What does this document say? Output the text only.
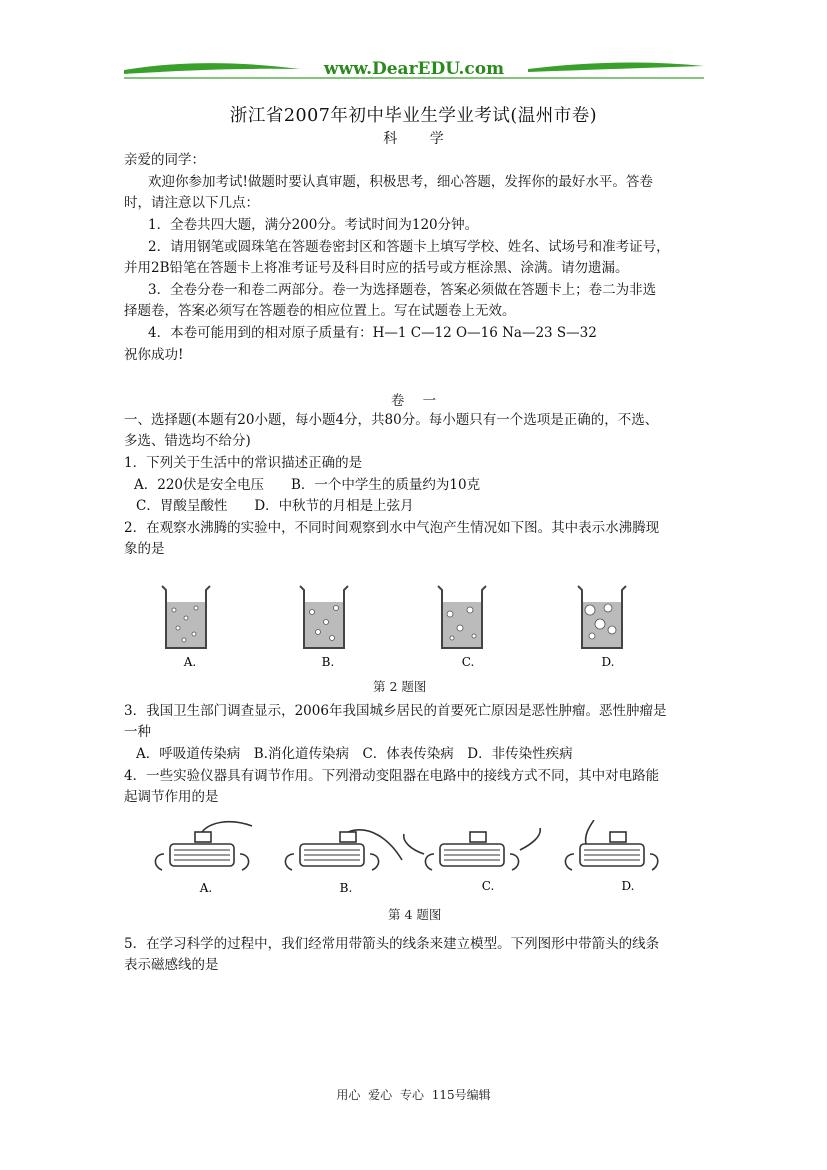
www.DearEDU.com
浙江省2007年初中毕业生学业考试(温州市卷)
科 学
亲爱的同学：
欢迎你参加考试!做题时要认真审题，积极思考，细心答题，发挥你的最好水平。答卷
时，请注意以下几点：
1．全卷共四大题，满分200分。考试时间为120分钟。
2．请用钢笔或圆珠笔在答题卷密封区和答题卡上填写学校、姓名、试场号和准考证号，
并用2B铅笔在答题卡上将准考证号及科目时应的括号或方框涂黑、涂满。请勿遗漏。
3．全卷分卷一和卷二两部分。卷一为选择题卷，答案必须做在答题卡上；卷二为非选
择题卷，答案必须写在答题卷的相应位置上。写在试题卷上无效。
4．本卷可能用到的相对原子质量有：H—1 C—12 O—16 Na—23 S—32
祝你成功!
卷 一
一、选择题(本题有20小题，每小题4分，共80分。每小题只有一个选项是正确的，不选、
多选、错选均不给分)
1．下列关于生活中的常识描述正确的是
A．220伏是安全电压　　B．一个中学生的质量约为10克
C．胃酸呈酸性　　D．中秋节的月相是上弦月
2．在观察水沸腾的实验中，不同时间观察到水中气泡产生情况如下图。其中表示水沸腾现
象的是
A.	B.	C.	D.
第 2 题图
3．我国卫生部门调查显示，2006年我国城乡居民的首要死亡原因是恶性肿瘤。恶性肿瘤是
一种
A．呼吸道传染病　B.消化道传染病　C．体表传染病　D．非传染性疾病
4．一些实验仪器具有调节作用。下列滑动变阻器在电路中的接线方式不同，其中对电路能
起调节作用的是
A.	B.	C.	D.
第 4 题图
5．在学习科学的过程中，我们经常用带箭头的线条来建立模型。下列图形中带箭头的线条
表示磁感线的是
用心 爱心 专心 115号编辑
